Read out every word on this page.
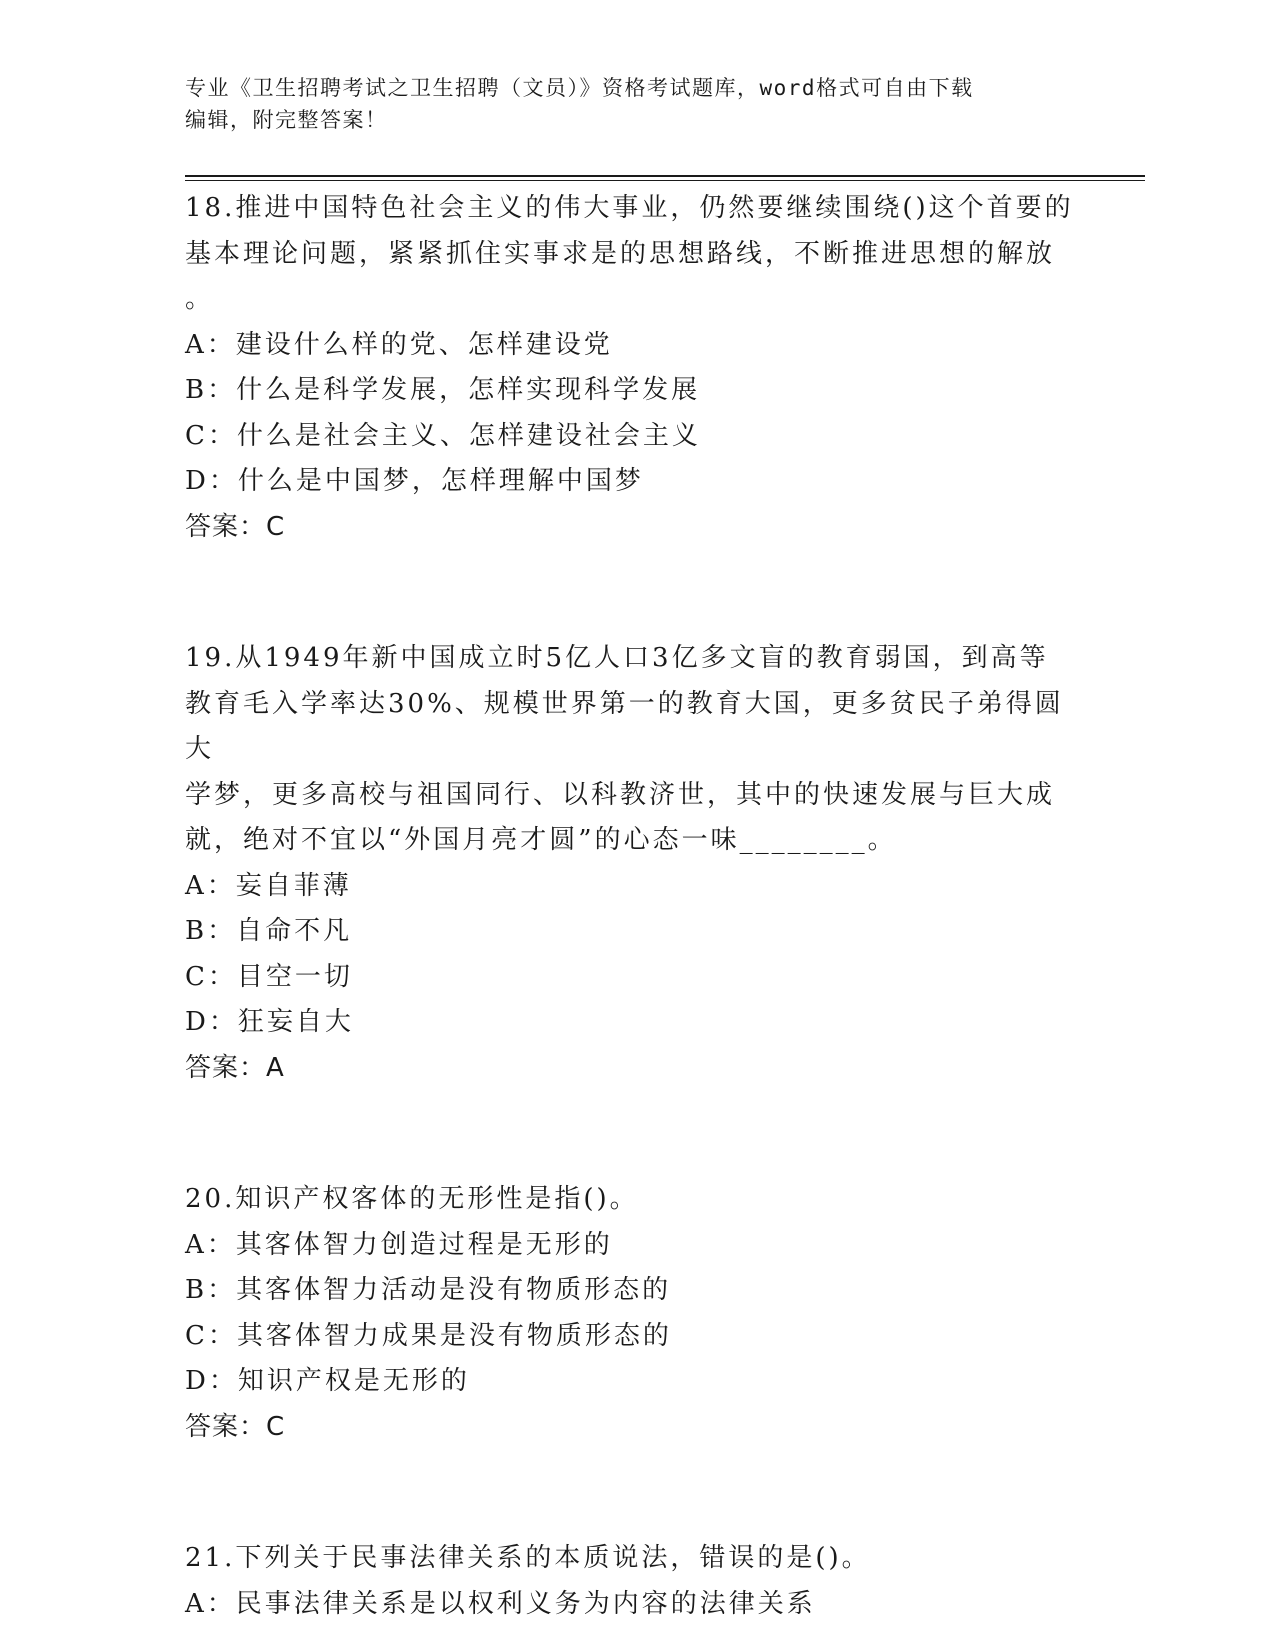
专业《卫生招聘考试之卫生招聘（文员）》资格考试题库，word格式可自由下载
编辑，附完整答案！
18.推进中国特色社会主义的伟大事业，仍然要继续围绕()这个首要的
基本理论问题，紧紧抓住实事求是的思想路线，不断推进思想的解放
。
A：建设什么样的党、怎样建设党
B：什么是科学发展，怎样实现科学发展
C：什么是社会主义、怎样建设社会主义
D：什么是中国梦，怎样理解中国梦
答案：C
19.从1949年新中国成立时5亿人口3亿多文盲的教育弱国，到高等
教育毛入学率达30%、规模世界第一的教育大国，更多贫民子弟得圆大
学梦，更多高校与祖国同行、以科教济世，其中的快速发展与巨大成
就，绝对不宜以“外国月亮才圆”的心态一味________。
A：妄自菲薄
B：自命不凡
C：目空一切
D：狂妄自大
答案：A
20.知识产权客体的无形性是指()。
A：其客体智力创造过程是无形的
B：其客体智力活动是没有物质形态的
C：其客体智力成果是没有物质形态的
D：知识产权是无形的
答案：C
21.下列关于民事法律关系的本质说法，错误的是()。
A：民事法律关系是以权利义务为内容的法律关系
